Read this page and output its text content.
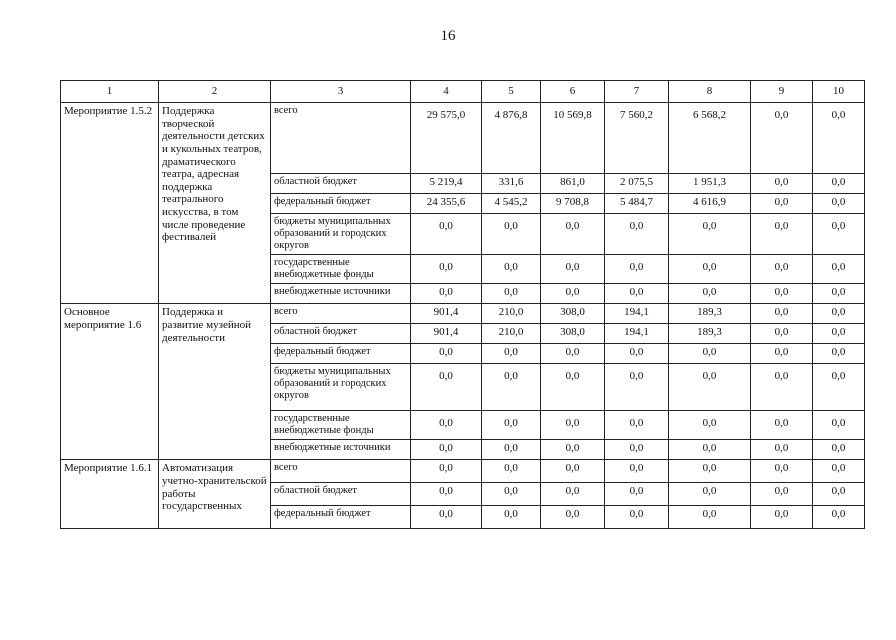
16
1	2	3	4	5	6	7	8	9	10
Мероприятие 1.5.2	Поддержка творческой деятельности детских и кукольных театров, драматического театра, адресная поддержка театрального искусства, в том числе проведение фестивалей	всего	29 575,0	4 876,8	10 569,8	7 560,2	6 568,2	0,0	0,0
		областной бюджет	5 219,4	331,6	861,0	2 075,5	1 951,3	0,0	0,0
		федеральный бюджет	24 355,6	4 545,2	9 708,8	5 484,7	4 616,9	0,0	0,0
		бюджеты муниципальных образований и городских округов	0,0	0,0	0,0	0,0	0,0	0,0	0,0
		государственные внебюджетные фонды	0,0	0,0	0,0	0,0	0,0	0,0	0,0
		внебюджетные источники	0,0	0,0	0,0	0,0	0,0	0,0	0,0
Основное мероприятие 1.6	Поддержка и развитие музейной деятельности	всего	901,4	210,0	308,0	194,1	189,3	0,0	0,0
		областной бюджет	901,4	210,0	308,0	194,1	189,3	0,0	0,0
		федеральный бюджет	0,0	0,0	0,0	0,0	0,0	0,0	0,0
		бюджеты муниципальных образований и городских округов	0,0	0,0	0,0	0,0	0,0	0,0	0,0
		государственные внебюджетные фонды	0,0	0,0	0,0	0,0	0,0	0,0	0,0
		внебюджетные источники	0,0	0,0	0,0	0,0	0,0	0,0	0,0
Мероприятие 1.6.1	Автоматизация учетно-хранительской работы государственных	всего	0,0	0,0	0,0	0,0	0,0	0,0	0,0
		областной бюджет	0,0	0,0	0,0	0,0	0,0	0,0	0,0
		федеральный бюджет	0,0	0,0	0,0	0,0	0,0	0,0	0,0
